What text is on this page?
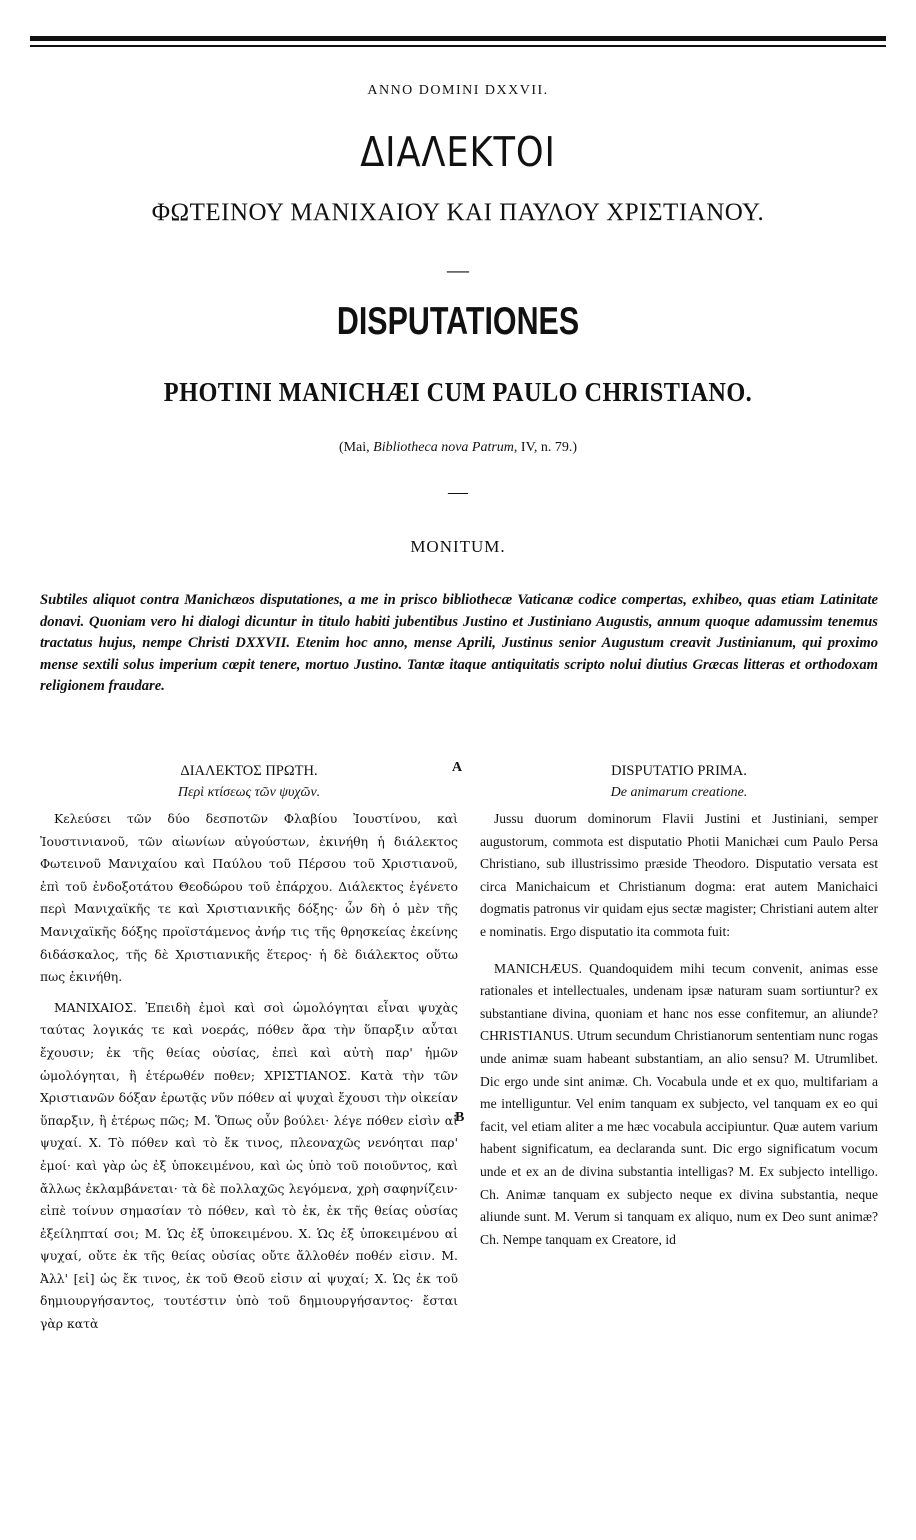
ANNO DOMINI DXXVII.
ΔΙΑΛΕΚΤΟΙ
ΦΩΤΕΙΝΟΥ ΜΑΝΙΧΑΙΟΥ ΚΑΙ ΠΑΥΛΟΥ ΧΡΙΣΤΙΑΝΟΥ.
—
DISPUTATIONES
PHOTINI MANICHÆI CUM PAULO CHRISTIANO.
(Mai, Bibliotheca nova Patrum, IV, n. 79.)
—
MONITUM.
Subtiles aliquot contra Manichæos disputationes, a me in prisco bibliothecæ Vaticanæ codice compertas, exhibeo, quas etiam Latinitate donavi. Quoniam vero hi dialogi dicuntur in titulo habiti jubentibus Justino et Justiniano Augustis, annum quoque adamussim tenemus tractatus hujus, nempe Christi DXXVII. Etenim hoc anno, mense Aprili, Justinus senior Augustum creavit Justinianum, qui proximo mense sextili solus imperium cœpit tenere, mortuo Justino. Tantæ itaque antiquitatis scripto nolui diutius Græcas litteras et orthodoxam religionem fraudare.
A
B
ΔΙΑΛΕΚΤΟΣ ΠΡΩΤΗ.
Περὶ κτίσεως τῶν ψυχῶν.

Κελεύσει τῶν δύο δεσποτῶν Φλαβίου Ἰουστίνου, καὶ Ἰουστινιανοῦ, τῶν αἰωνίων αὐγούστων, ἐκινήθη ἡ διάλεκτος Φωτεινοῦ Μανιχαίου καὶ Παύλου τοῦ Πέρσου τοῦ Χριστιανοῦ, ἐπὶ τοῦ ἐνδοξοτάτου Θεοδώρου τοῦ ἐπάρχου. Διάλεκτος ἐγένετο περὶ Μανιχαϊκῆς τε καὶ Χριστιανικῆς δόξης· ὧν δὴ ὁ μὲν τῆς Μανιχαϊκῆς δόξης προϊστάμενος ἀνήρ τις τῆς θρησκείας ἐκείνης διδάσκαλος, τῆς δὲ Χριστιανικῆς ἕτερος· ἡ δὲ διάλεκτος οὕτω πως ἐκινήθη.

ΜΑΝΙΧΑΙΟΣ. Ἐπειδὴ ἐμοὶ καὶ σοὶ ὡμολόγηται εἶναι ψυχὰς ταύτας λογικάς τε καὶ νοεράς, πόθεν ἄρα τὴν ὕπαρξιν αὗται ἔχουσιν; ἐκ τῆς θείας οὐσίας, ἐπεὶ καὶ αὐτὴ παρ' ἡμῶν ὡμολόγηται, ἢ ἑτέρωθέν ποθεν; ΧΡΙΣΤΙΑΝΟΣ. Κατὰ τὴν τῶν Χριστιανῶν δόξαν ἐρωτᾷς νῦν πόθεν αἱ ψυχαὶ ἔχουσι τὴν οἰκείαν ὕπαρξιν, ἢ ἑτέρως πῶς; Μ. Ὅπως οὖν βούλει· λέγε πόθεν εἰσὶν αἱ ψυχαί. Χ. Τὸ πόθεν καὶ τὸ ἔκ τινος, πλεοναχῶς νενόηται παρ' ἐμοί· καὶ γὰρ ὡς ἐξ ὑποκειμένου, καὶ ὡς ὑπὸ τοῦ ποιοῦντος, καὶ ἄλλως ἐκλαμβάνεται· τὰ δὲ πολλαχῶς λεγόμενα, χρὴ σαφηνίζειν· εἰπὲ τοίνυν σημασίαν τὸ πόθεν, καὶ τὸ ἐκ, ἐκ τῆς θείας οὐσίας ἐξείληπταί σοι; Μ. Ὡς ἐξ ὑποκειμένου. Χ. Ὡς ἐξ ὑποκειμένου αἱ ψυχαί, οὔτε ἐκ τῆς θείας οὐσίας οὔτε ἄλλοθέν ποθέν εἰσιν. Μ. Ἀλλ' [εἰ] ὡς ἔκ τινος, ἐκ τοῦ Θεοῦ εἰσιν αἱ ψυχαί; Χ. Ὡς ἐκ τοῦ δημιουργήσαντος, τουτέστιν ὑπὸ τοῦ δημιουργήσαντος· ἔσται γὰρ κατὰ

DISPUTATIO PRIMA.
De animarum creatione.

Jussu duorum dominorum Flavii Justini et Justiniani, semper augustorum, commota est disputatio Photii Manichæi cum Paulo Persa Christiano, sub illustrissimo præside Theodoro. Disputatio versata est circa Manichaicum et Christianum dogma: erat autem Manichaici dogmatis patronus vir quidam ejus sectæ magister; Christiani autem alter e nominatis. Ergo disputatio ita commota fuit:

MANICHÆUS. Quandoquidem mihi tecum convenit, animas esse rationales et intellectuales, undenam ipsæ naturam suam sortiuntur? ex substantiane divina, quoniam et hanc nos esse confitemur, an aliunde? CHRISTIANUS. Utrum secundum Christianorum sententiam nunc rogas unde animæ suam habeant substantiam, an alio sensu? M. Utrumlibet. Dic ergo unde sint animæ. Ch. Vocabula unde et ex quo, multifariam a me intelliguntur. Vel enim tanquam ex subjecto, vel tanquam ex eo qui facit, vel etiam aliter a me hæc vocabula accipiuntur. Quæ autem varium habent significatum, ea declaranda sunt. Dic ergo significatum vocum unde et ex an de divina substantia intelligas? M. Ex subjecto intelligo. Ch. Animæ tanquam ex subjecto neque ex divina substantia, neque aliunde sunt. M. Verum si tanquam ex aliquo, num ex Deo sunt animæ? Ch. Nempe tanquam ex Creatore, id
